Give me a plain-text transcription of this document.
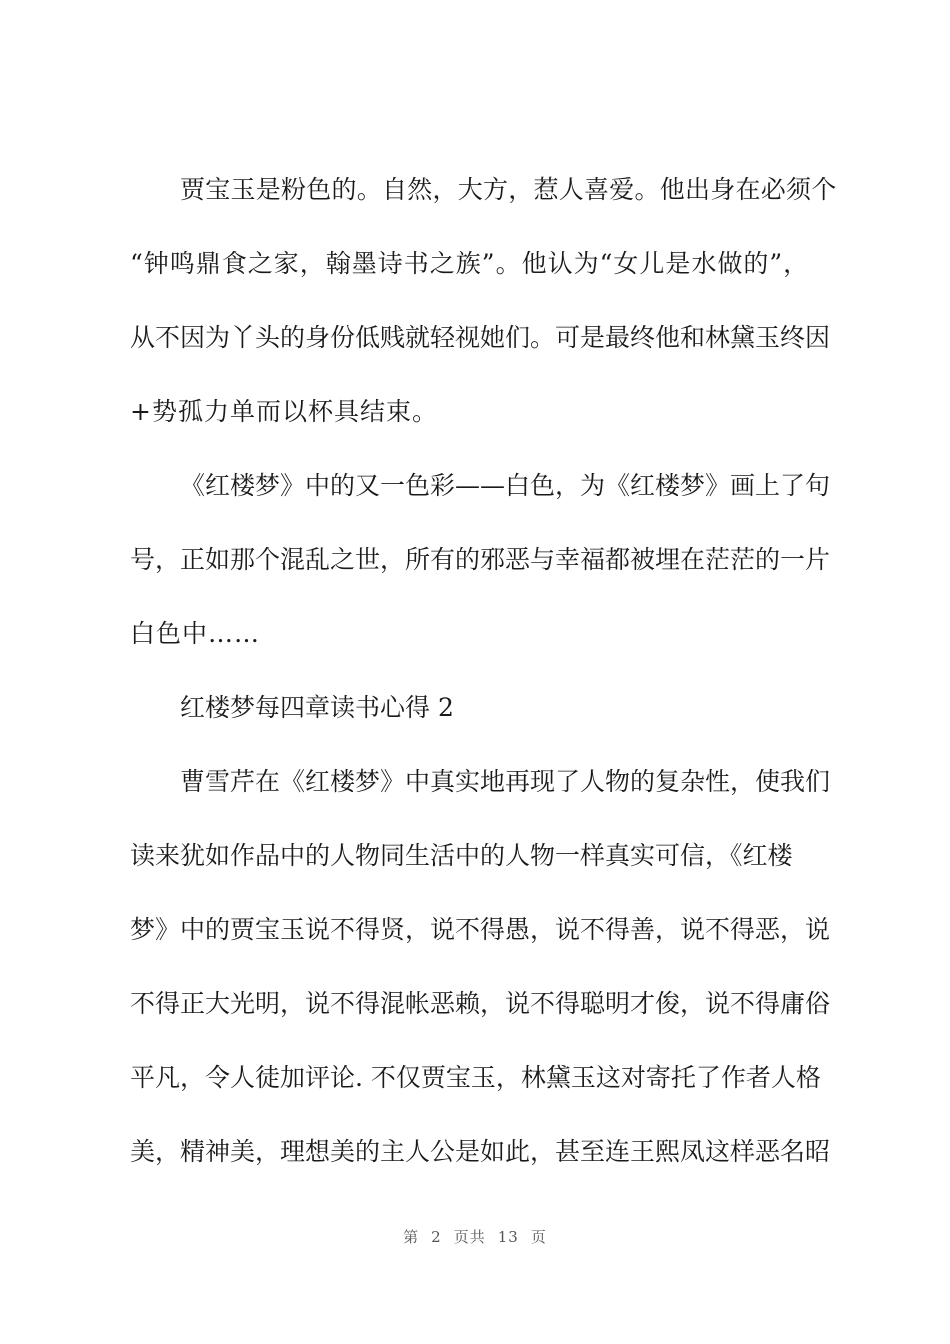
贾宝玉是粉色的。自然，大方，惹人喜爱。他出身在必须个
“钟鸣鼎食之家，翰墨诗书之族”。他认为“女儿是水做的”，
从不因为丫头的身份低贱就轻视她们。可是最终他和林黛玉终因
+势孤力单而以杯具结束。
《红楼梦》中的又一色彩——白色，为《红楼梦》画上了句
号，正如那个混乱之世，所有的邪恶与幸福都被埋在茫茫的一片
白色中……
红楼梦每四章读书心得 2
曹雪芹在《红楼梦》中真实地再现了人物的复杂性，使我们
读来犹如作品中的人物同生活中的人物一样真实可信，《红楼
梦》中的贾宝玉说不得贤，说不得愚，说不得善，说不得恶，说
不得正大光明，说不得混帐恶赖，说不得聪明才俊，说不得庸俗
平凡，令人徒加评论. 不仅贾宝玉，林黛玉这对寄托了作者人格
美，精神美，理想美的主人公是如此，甚至连王熙凤这样恶名昭
第 2 页共 13 页
